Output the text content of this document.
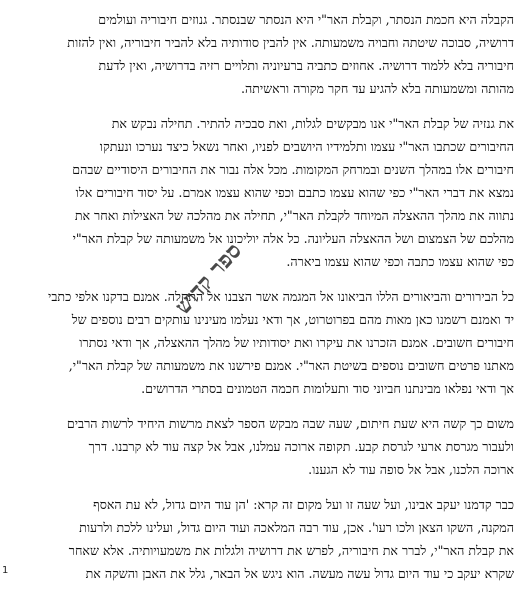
הקבלה היא חכמת הנסתר, וקבלת האר"י היא הנסתר שבנסתר. גנוזים חיבוריה ועולמים
דרושיה, סבוכה שיטתה וחבויה משמעותה. אין להבין סודותיה בלא להביר חיבוריה, ואין להזות
חיבוריה בלא ללמוד דרושיה. אחוזים כתביה ברעיוניה ותלויים רזיה בדרושיה, ואין לדעת
מהותה ומשמעותה בלא להגיע עד חקר מקורה וראשיתה.
את גנזיה של קבלת האר"י אנו מבקשים לגלות, ואת סבכיה להתיר. תחילה נבקש את
החיבורים שכתבו האר"י עצמו ותלמידיו היושבים לפניו, ואחר נשאל כיצד נערכו ונעתקו
חיבורים אלו במהלך השנים ובמרחק המקומות. מכל אלה נבור את החיבורים היסודיים שבהם
נמצא את דברי האר"י כפי שהוא עצמו כתבם וכפי שהוא עצמו אמרם. על יסוד חיבורים אלו
נתווה את מהלך ההאצלה המיוחד לקבלת האר"י, תחילה את מהלכה של האצילות ואחר את
מהלכם של הצמצום ושל ההאצלה העליונה. כל אלה יוליכונו אל משמעותה של קבלת האר"י
כפי שהוא עצמו כתבה וכפי שהוא עצמו ביארה.
כל הבירורים והביאורים הללו הביאונו אל המגמה אשר הצבנו אל התחלה. אמנם בדקנו אלפי כתבי
יד ואמנם רשמנו כאן מאות מהם בפרוטרוט, אך ודאי נעלמו מעינינו עותקים רבים נוספים של
חיבורים חשובים. אמנם הזכרנו את עיקרו ואת יסודותיו של מהלך ההאצלה, אך ודאי נסתרו
מאתנו פרטים חשובים נוספים בשיטת האר"י. אמנם פירשנו את משמעותה של קבלת האר"י,
אך ודאי נפלאו מבינתנו חביוני סוד ותעלומות חכמה הטמונים בסתרי הדרושים.
משום כך קשה היא שעת חיתום, שעה שבה מבקש הספר לצאת מרשות היחיד לרשות הרבים
ולעבור מגרסת ארעי לגרסת קבע. תקופה ארוכה עמלנו, אבל אל קצה עוד לא קרבנו. דרך
ארוכה הלכנו, אבל אל סופה עוד לא הגענו.
כבר קדמנו יעקב אבינו, ועל שעה זו ועל מקום זה קרא: 'הן עוד היום גדול, לא עת האסף
המקנה, השקו הצאן ולכו רעו'. אכן, עוד רבה המלאכה ועוד היום גדול, ועלינו ללכת ולרעות
את קבלת האר"י, לברר את חיבוריה, לפרש את דרושיה ולגלות את משמעויותיה. אלא שאחר
שקרא יעקב כי עוד היום גדול עשה מעשה. הוא ניגש אל הבאר, גלל את האבן והשקה את
ספר קדוש
1
